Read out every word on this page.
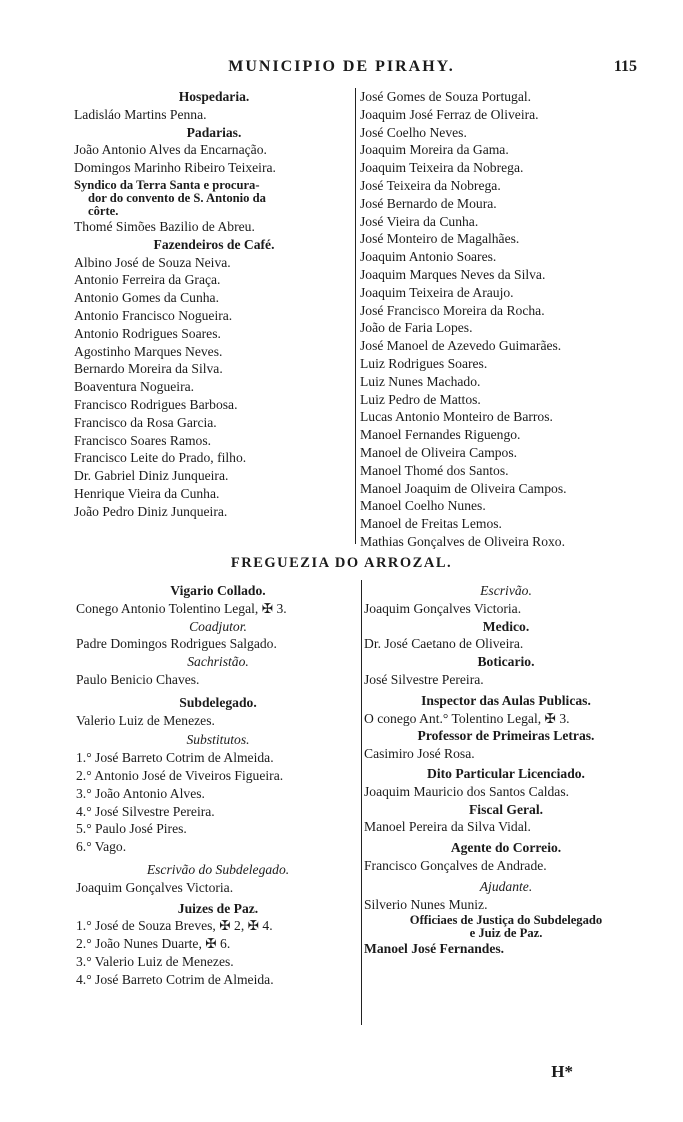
MUNICIPIO DE PIRAHY.	115
Hospedaria.
Ladisláo Martins Penna.
Padarias.
João Antonio Alves da Encarnação.
Domingos Marinho Ribeiro Teixeira.
Syndico da Terra Santa e procura-
dor do convento de S. Antonio da
côrte.
Thomé Simões Bazilio de Abreu.
Fazendeiros de Café.
Albino José de Souza Neiva.
Antonio Ferreira da Graça.
Antonio Gomes da Cunha.
Antonio Francisco Nogueira.
Antonio Rodrigues Soares.
Agostinho Marques Neves.
Bernardo Moreira da Silva.
Boaventura Nogueira.
Francisco Rodrigues Barbosa.
Francisco da Rosa Garcia.
Francisco Soares Ramos.
Francisco Leite do Prado, filho.
Dr. Gabriel Diniz Junqueira.
Henrique Vieira da Cunha.
João Pedro Diniz Junqueira.
José Gomes de Souza Portugal.
Joaquim José Ferraz de Oliveira.
José Coelho Neves.
Joaquim Moreira da Gama.
Joaquim Teixeira da Nobrega.
José Teixeira da Nobrega.
José Bernardo de Moura.
José Vieira da Cunha.
José Monteiro de Magalhães.
Joaquim Antonio Soares.
Joaquim Marques Neves da Silva.
Joaquim Teixeira de Araujo.
José Francisco Moreira da Rocha.
João de Faria Lopes.
José Manoel de Azevedo Guimarães.
Luiz Rodrigues Soares.
Luiz Nunes Machado.
Luiz Pedro de Mattos.
Lucas Antonio Monteiro de Barros.
Manoel Fernandes Riguengo.
Manoel de Oliveira Campos.
Manoel Thomé dos Santos.
Manoel Joaquim de Oliveira Campos.
Manoel Coelho Nunes.
Manoel de Freitas Lemos.
Mathias Gonçalves de Oliveira Roxo.
FREGUEZIA DO ARROZAL.
Vigario Collado.
Conego Antonio Tolentino Legal, ✠ 3.
Coadjutor.
Padre Domingos Rodrigues Salgado.
Sachristão.
Paulo Benicio Chaves.
Subdelegado.
Valerio Luiz de Menezes.
Substitutos.
1.° José Barreto Cotrim de Almeida.
2.° Antonio José de Viveiros Figueira.
3.° João Antonio Alves.
4.° José Silvestre Pereira.
5.° Paulo José Pires.
6.° Vago.
Escrivão do Subdelegado.
Joaquim Gonçalves Victoria.
Juizes de Paz.
1.° José de Souza Breves, ✠ 2, ✠ 4.
2.° João Nunes Duarte, ✠ 6.
3.° Valerio Luiz de Menezes.
4.° José Barreto Cotrim de Almeida.
Escrivão.
Joaquim Gonçalves Victoria.
Medico.
Dr. José Caetano de Oliveira.
Boticario.
José Silvestre Pereira.
Inspector das Aulas Publicas.
O conego Ant.° Tolentino Legal, ✠ 3.
Professor de Primeiras Letras.
Casimiro José Rosa.
Dito Particular Licenciado.
Joaquim Mauricio dos Santos Caldas.
Fiscal Geral.
Manoel Pereira da Silva Vidal.
Agente do Correio.
Francisco Gonçalves de Andrade.
Ajudante.
Silverio Nunes Muniz.
Officiaes de Justiça do Subdelegado
e Juiz de Paz.
Manoel José Fernandes.
H*
